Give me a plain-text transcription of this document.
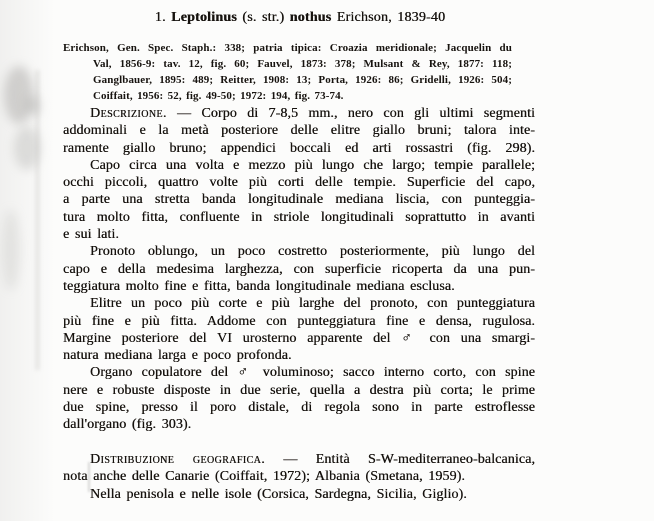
1. Leptolinus (s. str.) nothus Erichson, 1839-40
Erichson, Gen. Spec. Staph.: 338; patria tipica: Croazia meridionale; Jacquelin du
Val, 1856-9: tav. 12, fig. 60; Fauvel, 1873: 378; Mulsant & Rey, 1877: 118;
Ganglbauer, 1895: 489; Reitter, 1908: 13; Porta, 1926: 86; Gridelli, 1926: 504;
Coiffait, 1956: 52, fig. 49-50; 1972: 194, fig. 73-74.
Descrizione. — Corpo di 7-8,5 mm., nero con gli ultimi segmenti
addominali e la metà posteriore delle elitre giallo bruni; talora inte-
ramente giallo bruno; appendici boccali ed arti rossastri (fig. 298).
Capo circa una volta e mezzo più lungo che largo; tempie parallele;
occhi piccoli, quattro volte più corti delle tempie. Superficie del capo,
a parte una stretta banda longitudinale mediana liscia, con punteggia-
tura molto fitta, confluente in striole longitudinali soprattutto in avanti
e sui lati.
Pronoto oblungo, un poco costretto posteriormente, più lungo del
capo e della medesima larghezza, con superficie ricoperta da una pun-
teggiatura molto fine e fitta, banda longitudinale mediana esclusa.
Elitre un poco più corte e più larghe del pronoto, con punteggiatura
più fine e più fitta. Addome con punteggiatura fine e densa, rugulosa.
Margine posteriore del VI urosterno apparente del ♂ con una smargi-
natura mediana larga e poco profonda.
Organo copulatore del ♂ voluminoso; sacco interno corto, con spine
nere e robuste disposte in due serie, quella a destra più corta; le prime
due spine, presso il poro distale, di regola sono in parte estroflesse
dall'organo (fig. 303).
Distribuzione geografica. — Entità S-W-mediterraneo-balcanica,
nota anche delle Canarie (Coiffait, 1972); Albania (Smetana, 1959).
Nella penisola e nelle isole (Corsica, Sardegna, Sicilia, Giglio).
